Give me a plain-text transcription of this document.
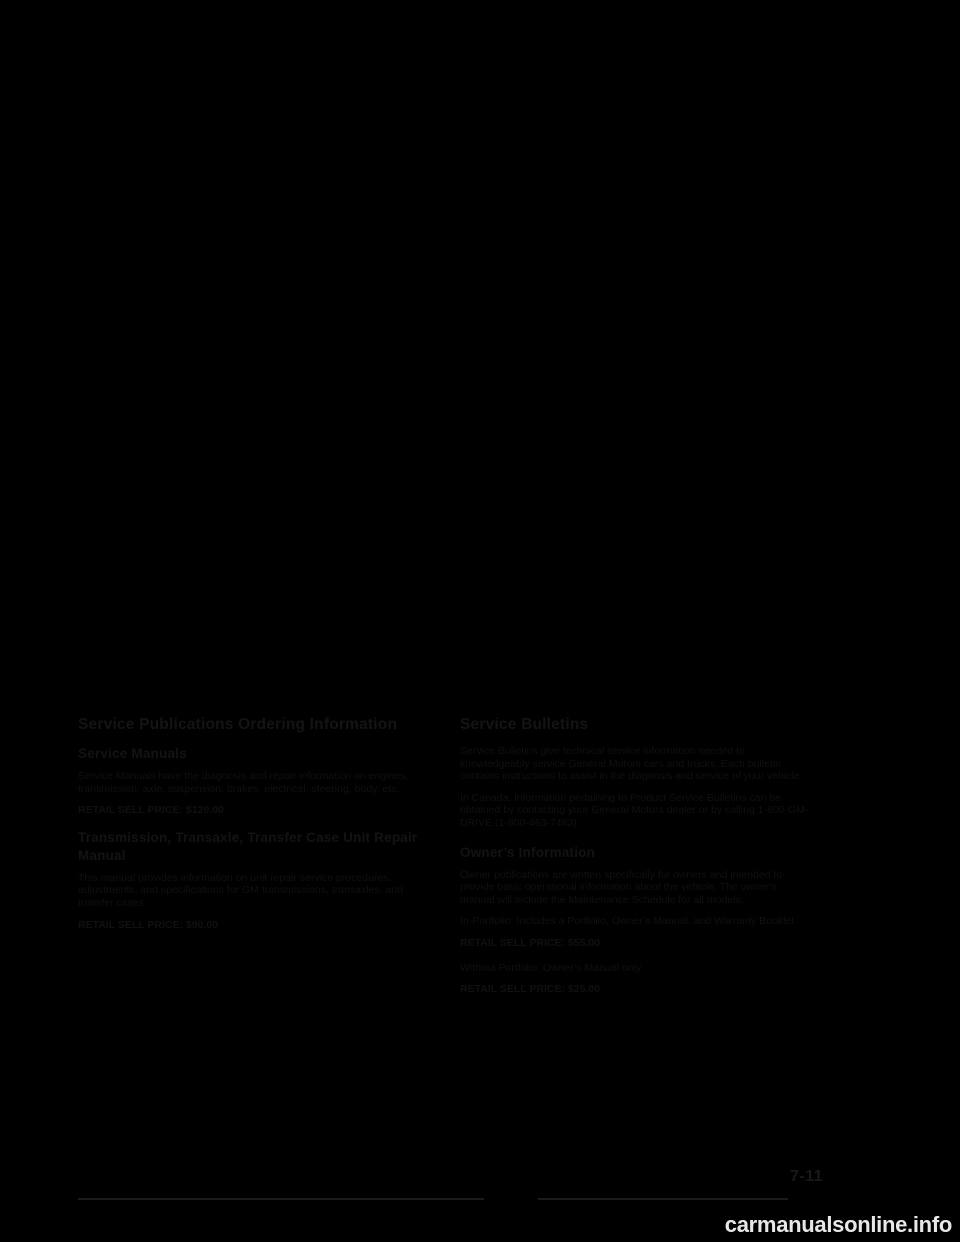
Service Publications Ordering Information
Service Manuals

Service Manuals have the diagnosis and repair information on engines, transmission, axle, suspension, brakes, electrical, steering, body, etc.

RETAIL SELL PRICE: $120.00

Transmission, Transaxle, Transfer Case Unit Repair Manual

This manual provides information on unit repair service procedures, adjustments, and specifications for GM transmissions, transaxles, and transfer cases.

RETAIL SELL PRICE: $90.00

Service Bulletins

Service Bulletins give technical service information needed to knowledgeably service General Motors cars and trucks. Each bulletin contains instructions to assist in the diagnosis and service of your vehicle.

In Canada, information pertaining to Product Service Bulletins can be obtained by contacting your General Motors dealer or by calling 1-800-GM-DRIVE (1-800-463-7483).

Owner’s Information

Owner publications are written specifically for owners and intended to provide basic operational information about the vehicle. The owner’s manual will include the Maintenance Schedule for all models.

In-Portfolio: Includes a Portfolio, Owner’s Manual, and Warranty Booklet.

RETAIL SELL PRICE: $55.00

Without Portfolio: Owner’s Manual only.

RETAIL SELL PRICE: $25.00

7-11
carmanualsonline.info
